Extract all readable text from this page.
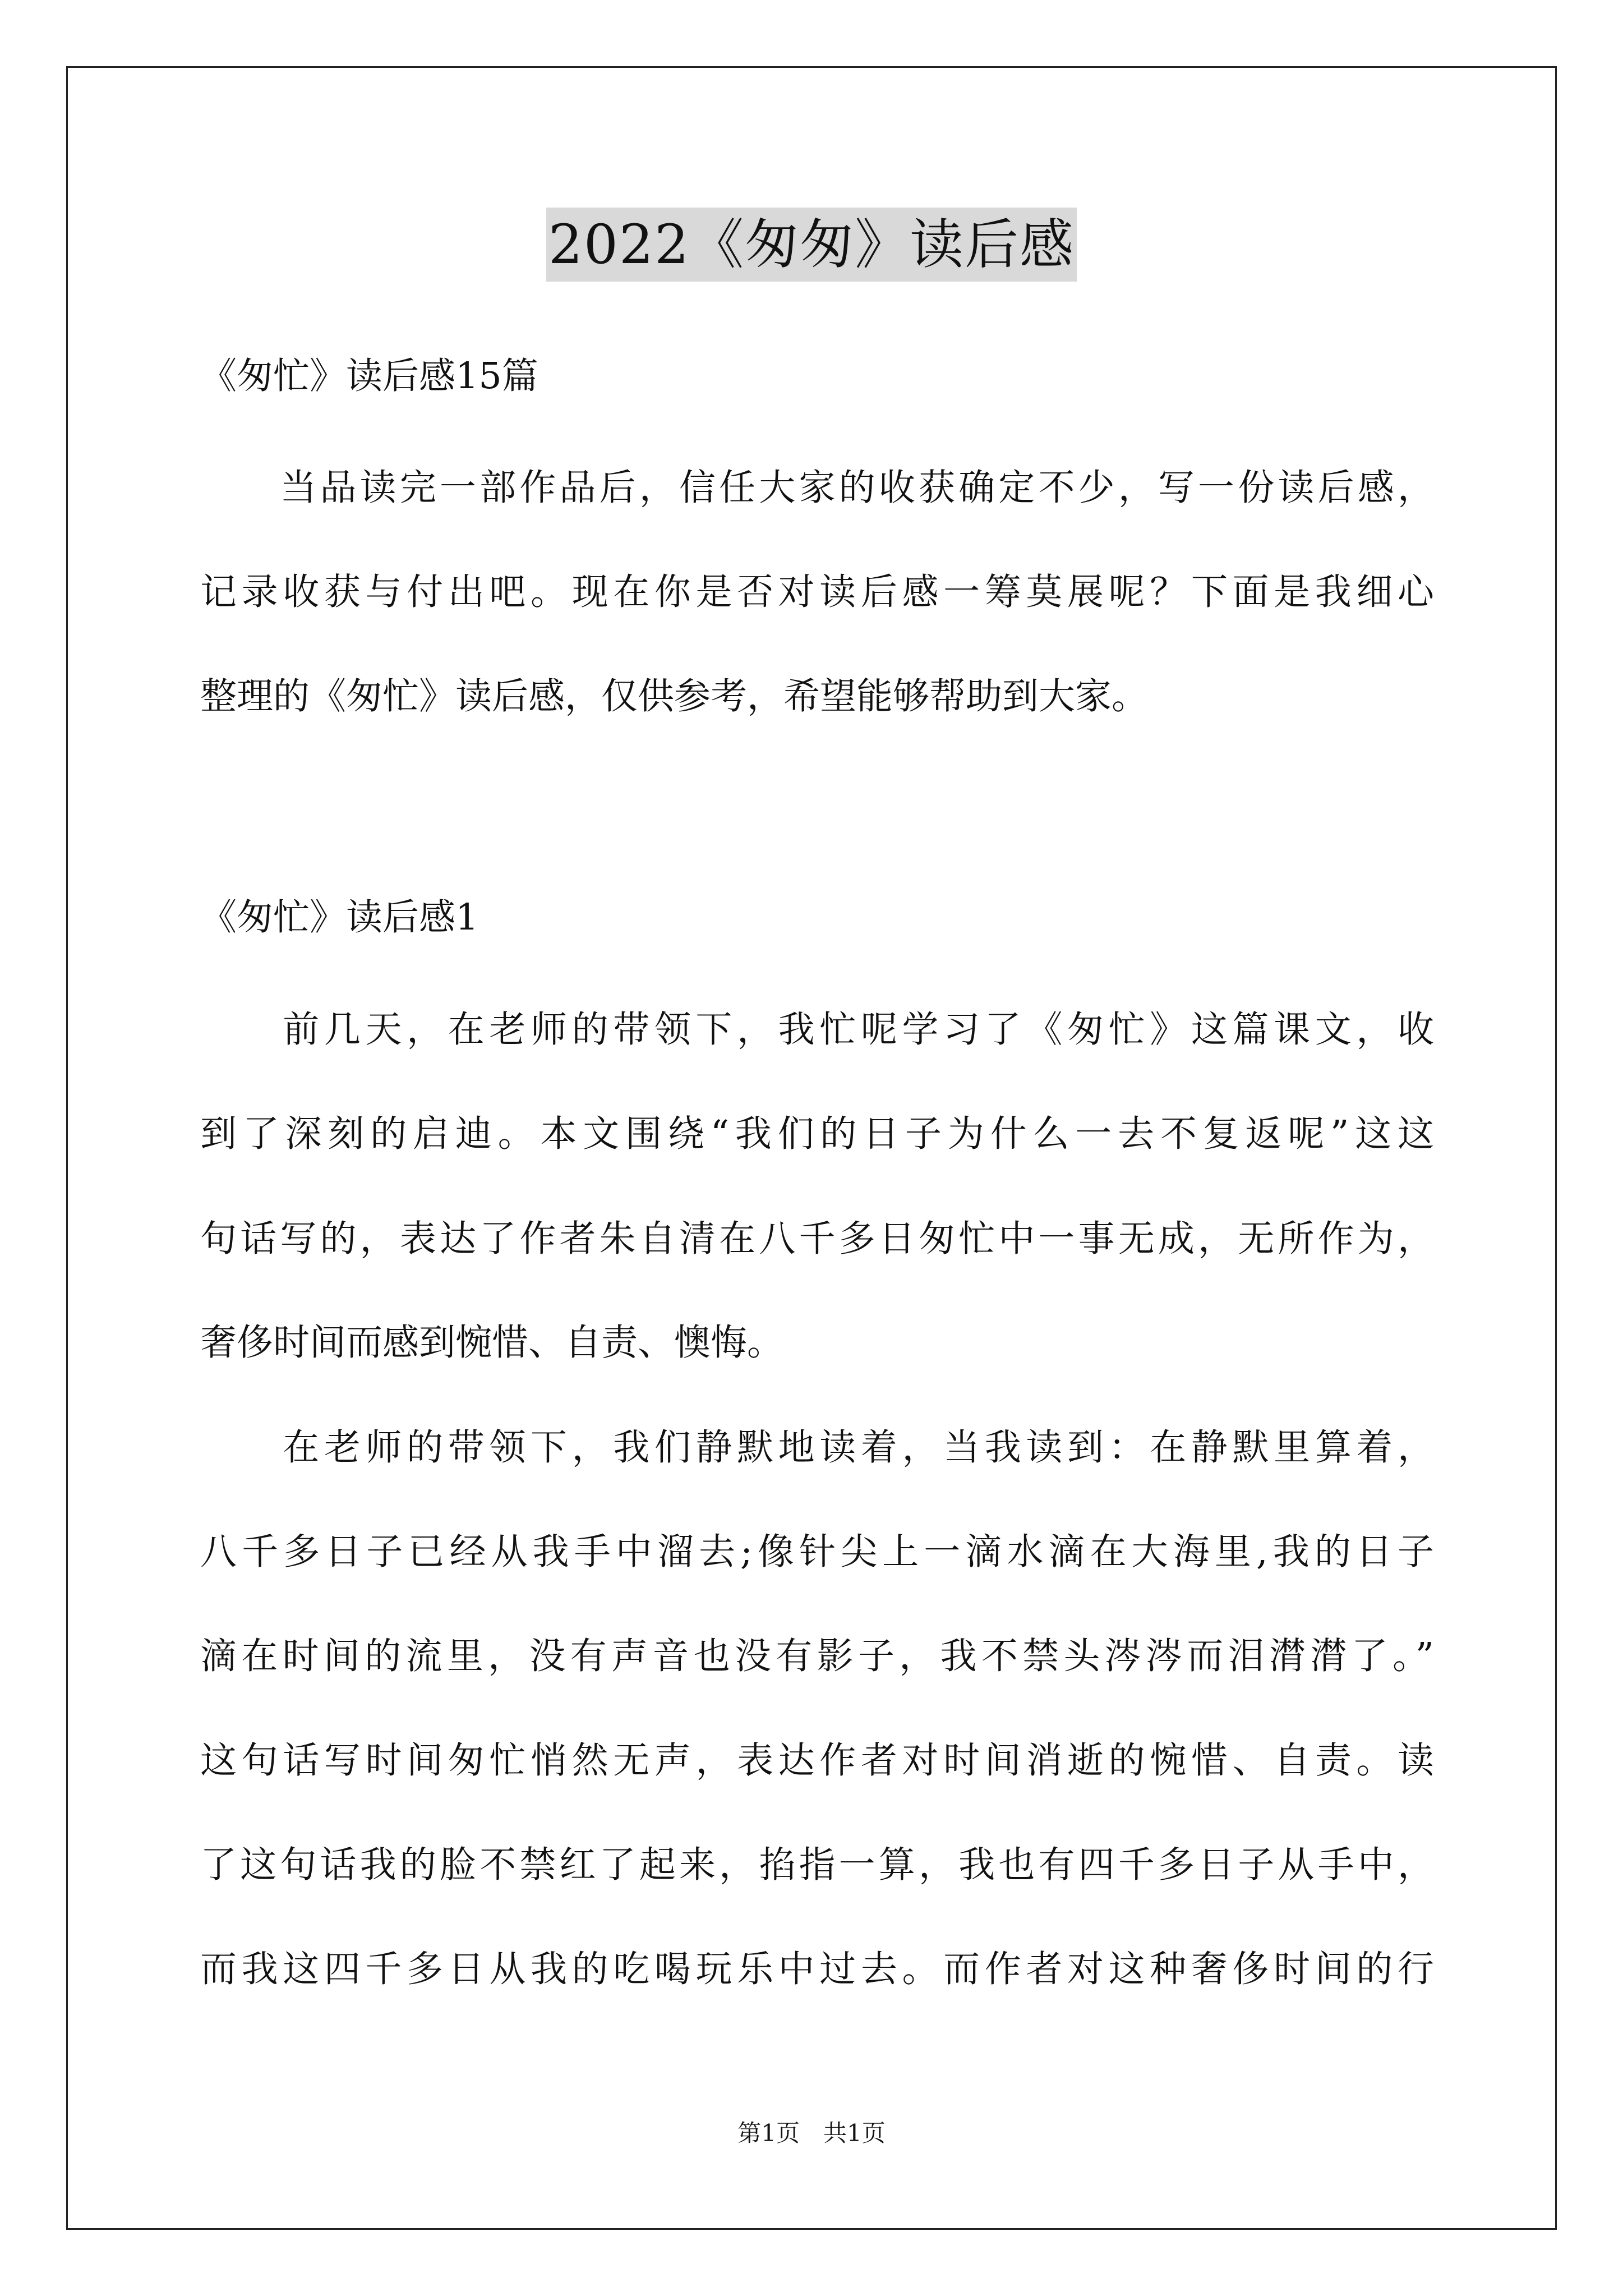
2022《匆匆》读后感
《匆忙》读后感15篇
　　当品读完一部作品后，信任大家的收获确定不少，写一份读后感，
记录收获与付出吧。现在你是否对读后感一筹莫展呢？下面是我细心
整理的《匆忙》读后感，仅供参考，希望能够帮助到大家。
《匆忙》读后感1
　　前几天，在老师的带领下，我忙呢学习了《匆忙》这篇课文，收
到了深刻的启迪。本文围绕“我们的日子为什么一去不复返呢”这这
句话写的，表达了作者朱自清在八千多日匆忙中一事无成，无所作为，
奢侈时间而感到惋惜、自责、懊悔。
　　在老师的带领下，我们静默地读着，当我读到：在静默里算着，
八千多日子已经从我手中溜去;像针尖上一滴水滴在大海里,我的日子
滴在时间的流里，没有声音也没有影子，我不禁头涔涔而泪潸潸了。”
这句话写时间匆忙悄然无声，表达作者对时间消逝的惋惜、自责。读
了这句话我的脸不禁红了起来，掐指一算，我也有四千多日子从手中，
而我这四千多日从我的吃喝玩乐中过去。而作者对这种奢侈时间的行
第1页　共1页
